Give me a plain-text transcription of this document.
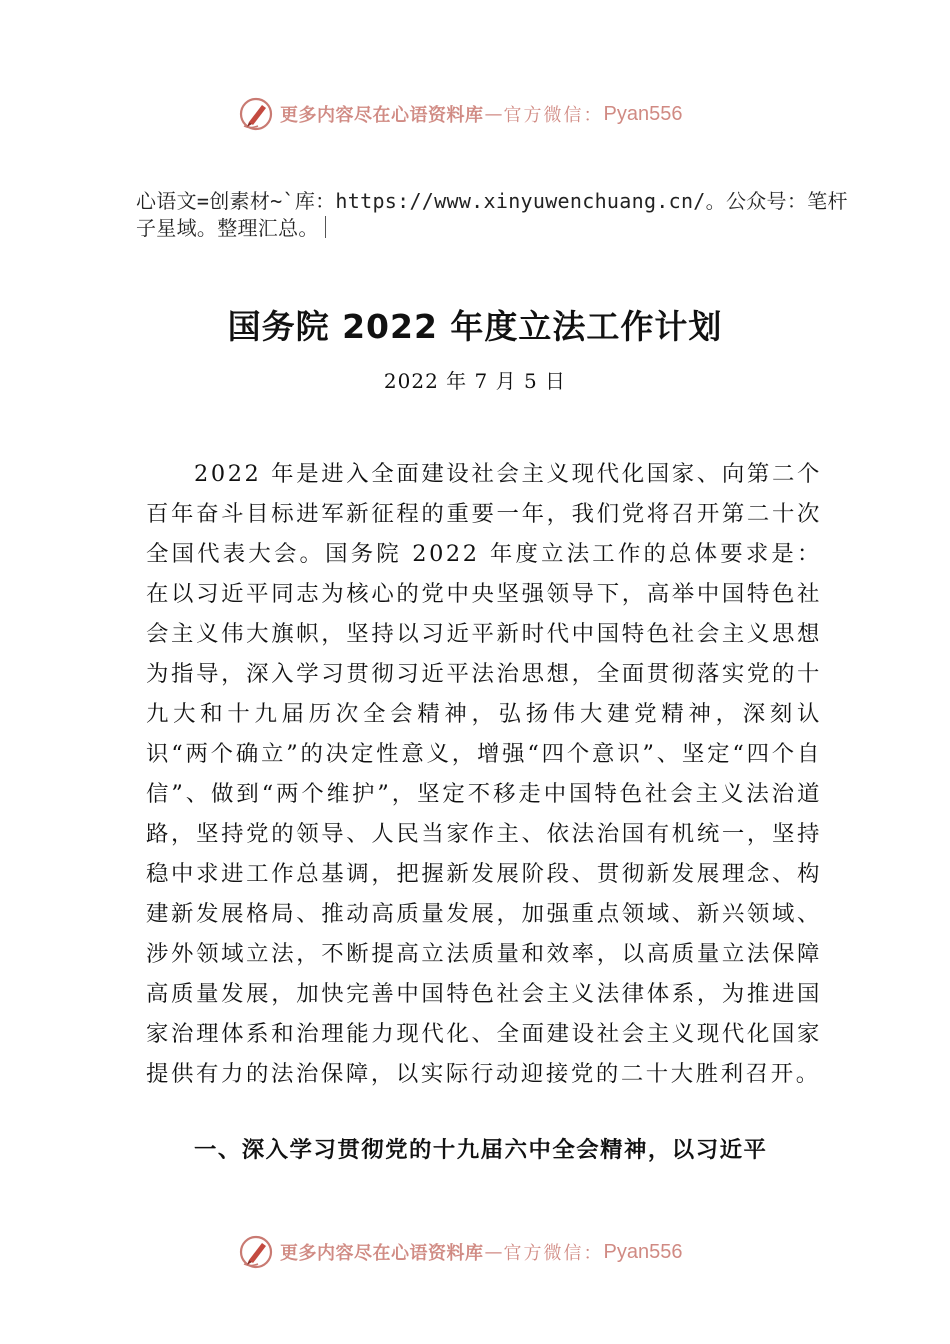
更多内容尽在心语资料库 — 官方微信： Pyan556
心语文=创素材~`库：https://www.xinyuwenchuang.cn/。公众号：笔杆子星域。整理汇总。
国务院 2022 年度立法工作计划
2022 年 7 月 5 日
2022 年是进入全面建设社会主义现代化国家、向第二个百年奋斗目标进军新征程的重要一年，我们党将召开第二十次全国代表大会。国务院 2022 年度立法工作的总体要求是：在以习近平同志为核心的党中央坚强领导下，高举中国特色社会主义伟大旗帜，坚持以习近平新时代中国特色社会主义思想为指导，深入学习贯彻习近平法治思想，全面贯彻落实党的十九大和十九届历次全会精神，弘扬伟大建党精神，深刻认识“两个确立”的决定性意义，增强“四个意识”、坚定“四个自信”、做到“两个维护”，坚定不移走中国特色社会主义法治道路，坚持党的领导、人民当家作主、依法治国有机统一，坚持稳中求进工作总基调，把握新发展阶段、贯彻新发展理念、构建新发展格局、推动高质量发展，加强重点领域、新兴领域、涉外领域立法，不断提高立法质量和效率，以高质量立法保障高质量发展，加快完善中国特色社会主义法律体系，为推进国家治理体系和治理能力现代化、全面建设社会主义现代化国家提供有力的法治保障，以实际行动迎接党的二十大胜利召开。
一、深入学习贯彻党的十九届六中全会精神，以习近平
更多内容尽在心语资料库 — 官方微信： Pyan556
